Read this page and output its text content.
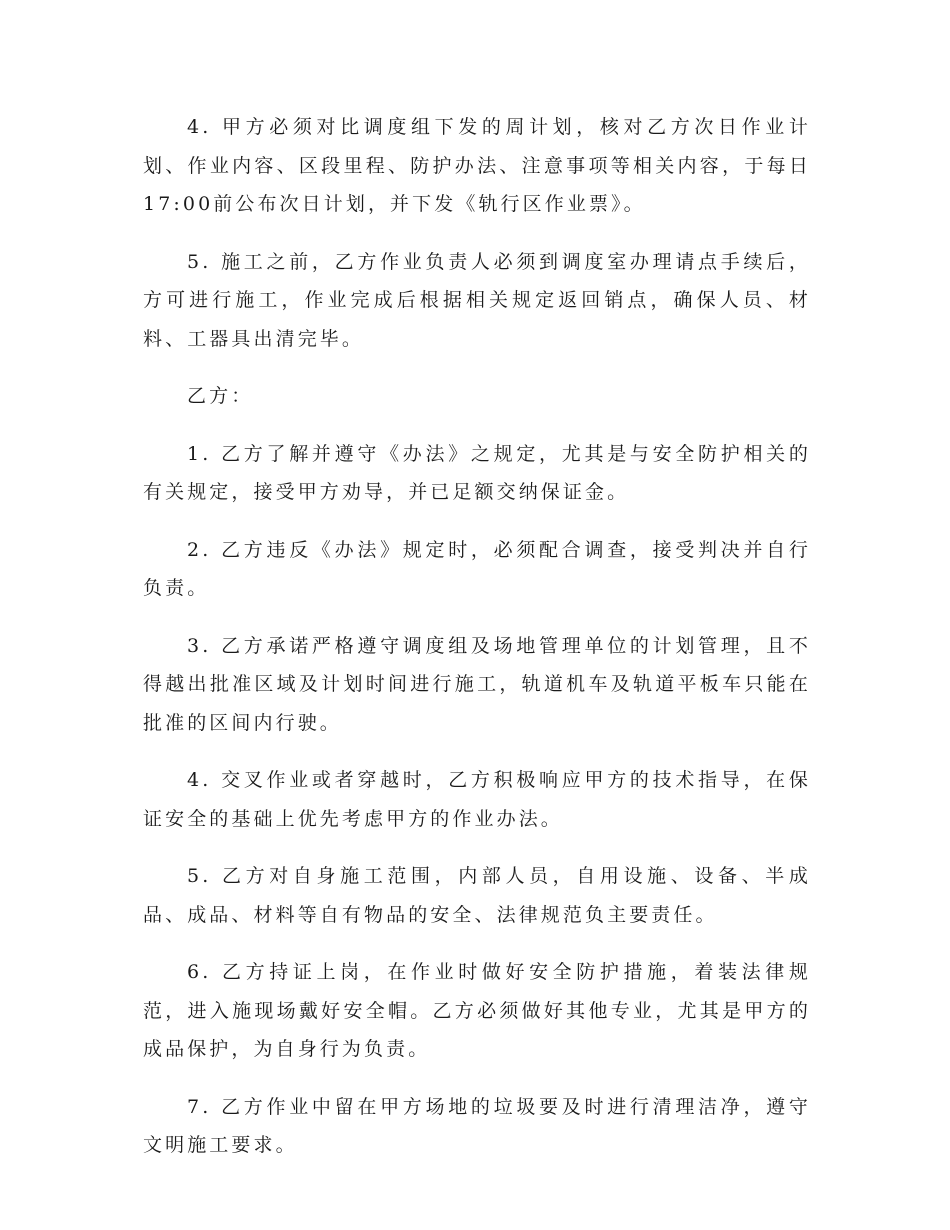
4. 甲方必须对比调度组下发的周计划，核对乙方次日作业计划、作业内容、区段里程、防护办法、注意事项等相关内容，于每日17:00前公布次日计划，并下发《轨行区作业票》。

5. 施工之前，乙方作业负责人必须到调度室办理请点手续后，方可进行施工，作业完成后根据相关规定返回销点，确保人员、材料、工器具出清完毕。

乙方：

1. 乙方了解并遵守《办法》之规定，尤其是与安全防护相关的有关规定，接受甲方劝导，并已足额交纳保证金。

2. 乙方违反《办法》规定时，必须配合调查，接受判决并自行负责。

3. 乙方承诺严格遵守调度组及场地管理单位的计划管理，且不得越出批准区域及计划时间进行施工，轨道机车及轨道平板车只能在批准的区间内行驶。

4. 交叉作业或者穿越时，乙方积极响应甲方的技术指导，在保证安全的基础上优先考虑甲方的作业办法。

5. 乙方对自身施工范围，内部人员，自用设施、设备、半成品、成品、材料等自有物品的安全、法律规范负主要责任。

6. 乙方持证上岗，在作业时做好安全防护措施，着装法律规范，进入施现场戴好安全帽。乙方必须做好其他专业，尤其是甲方的成品保护，为自身行为负责。

7. 乙方作业中留在甲方场地的垃圾要及时进行清理洁净，遵守文明施工要求。
